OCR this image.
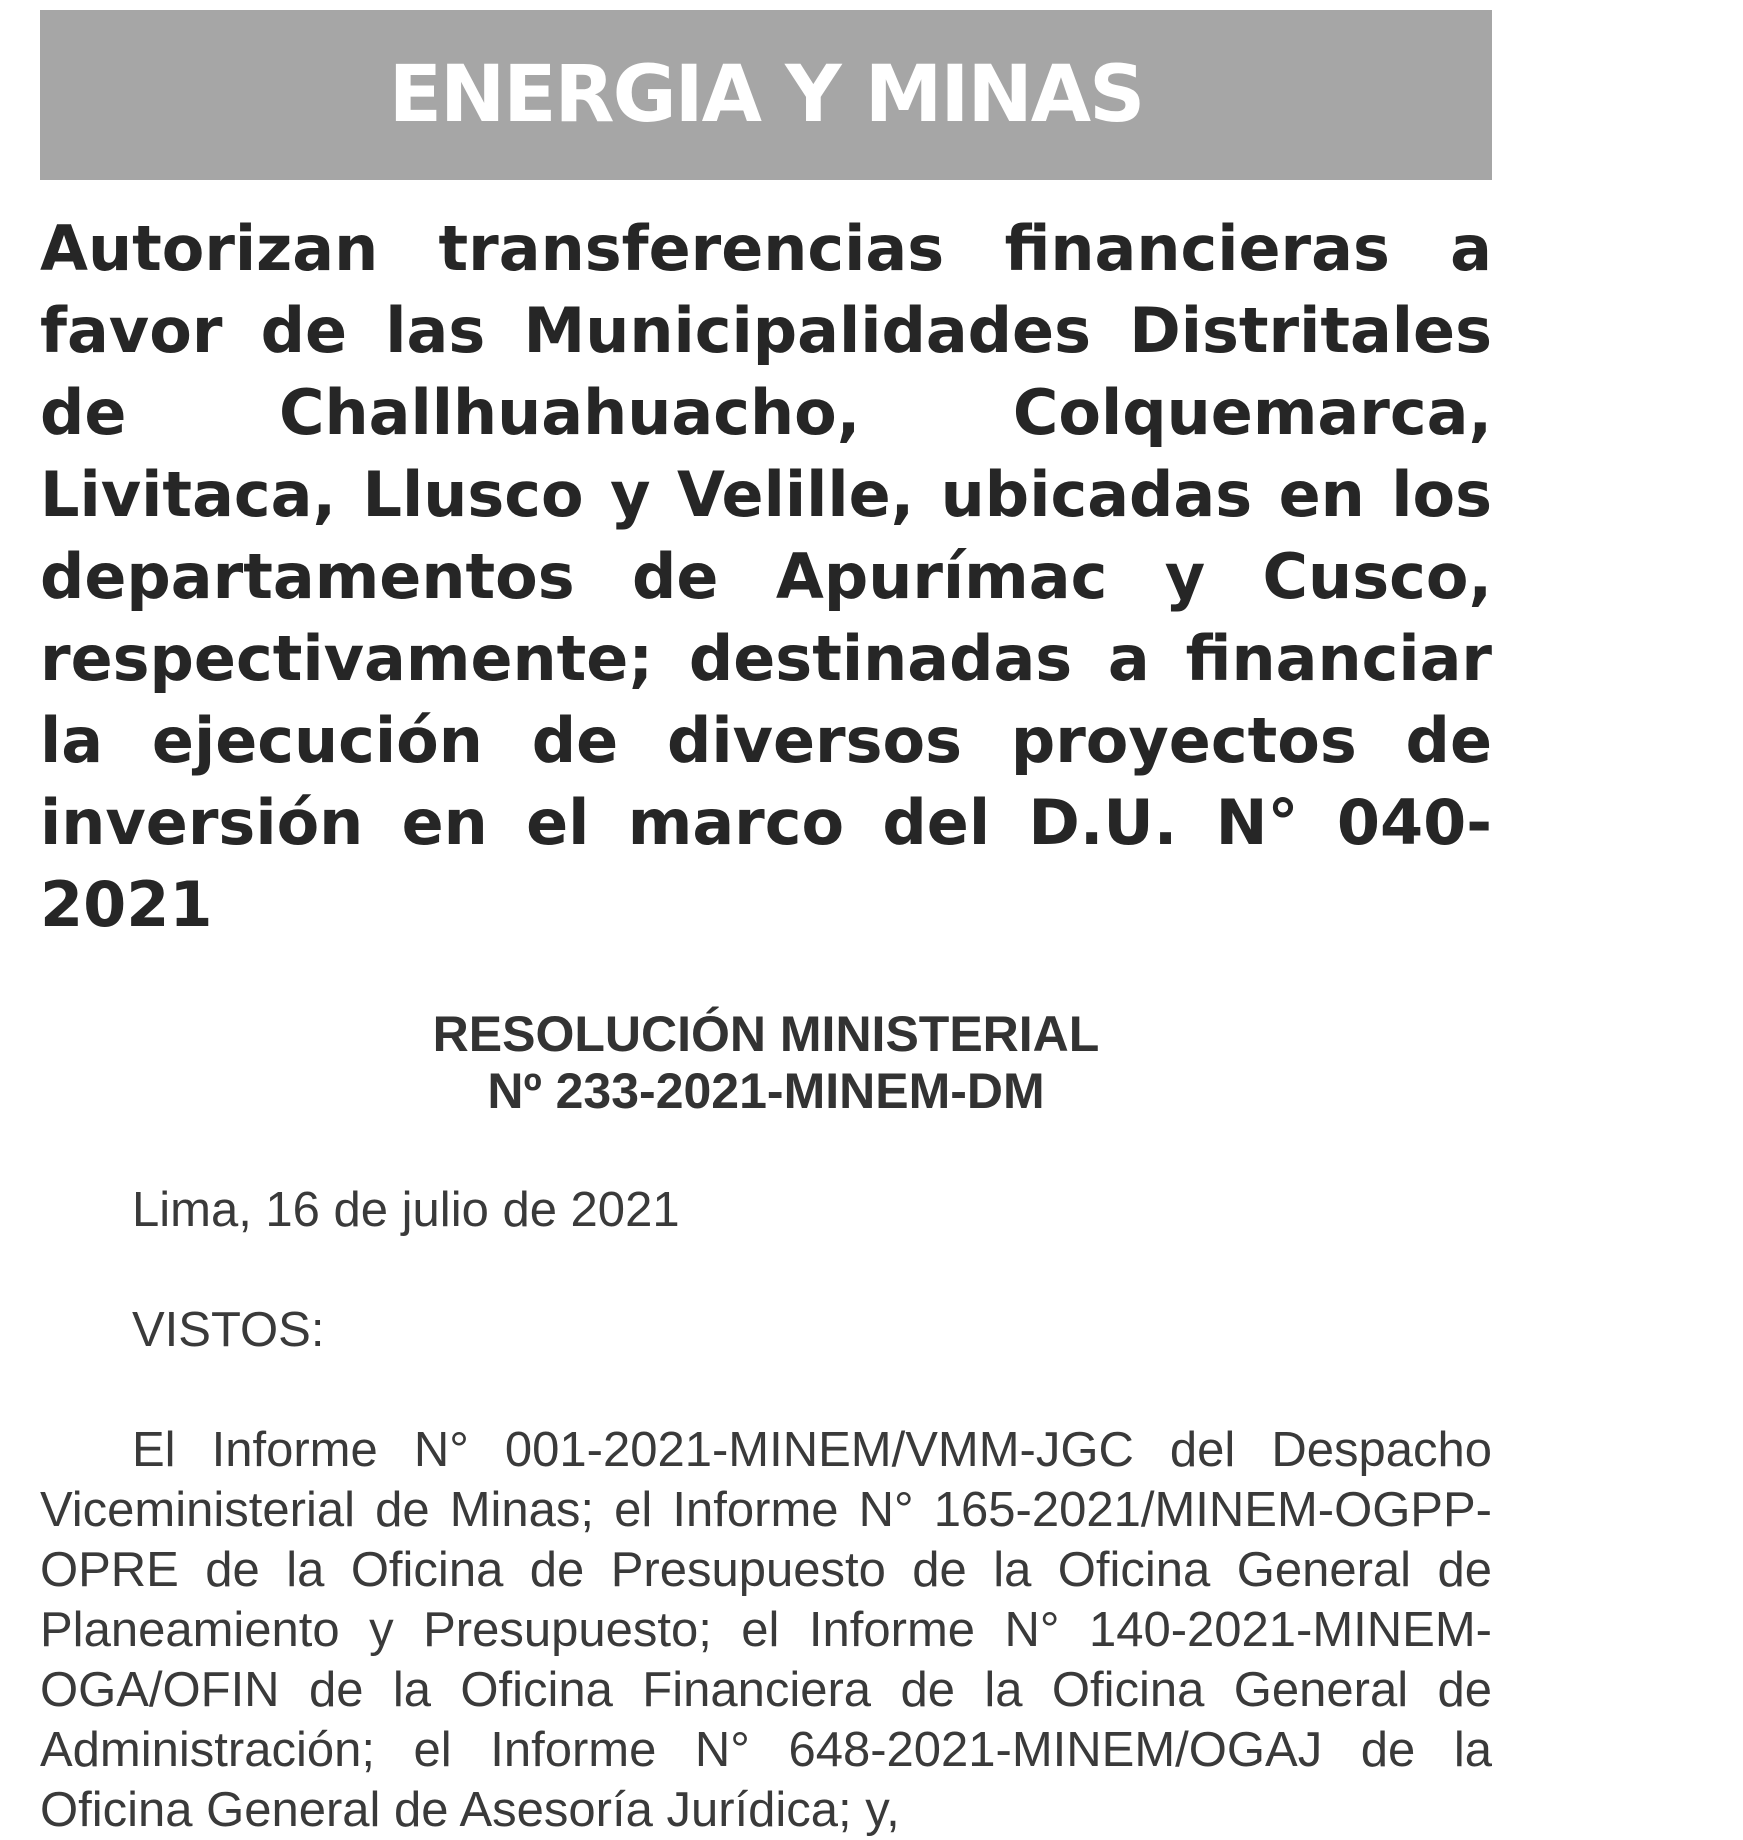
ENERGIA Y MINAS
Autorizan transferencias financieras a favor de las Municipalidades Distritales de Challhuahuacho, Colquemarca, Livitaca, Llusco y Velille, ubicadas en los departamentos de Apurímac y Cusco, respectivamente; destinadas a financiar la ejecución de diversos proyectos de inversión en el marco del D.U. N° 040-2021
RESOLUCIÓN MINISTERIAL
Nº 233-2021-MINEM-DM
Lima, 16 de julio de 2021
VISTOS:
El Informe N° 001-2021-MINEM/VMM-JGC del Despacho Viceministerial de Minas; el Informe N° 165-2021/MINEM-OGPP-OPRE de la Oficina de Presupuesto de la Oficina General de Planeamiento y Presupuesto; el Informe N° 140-2021-MINEM-OGA/OFIN de la Oficina Financiera de la Oficina General de Administración; el Informe N° 648-2021-MINEM/OGAJ de la Oficina General de Asesoría Jurídica; y,
